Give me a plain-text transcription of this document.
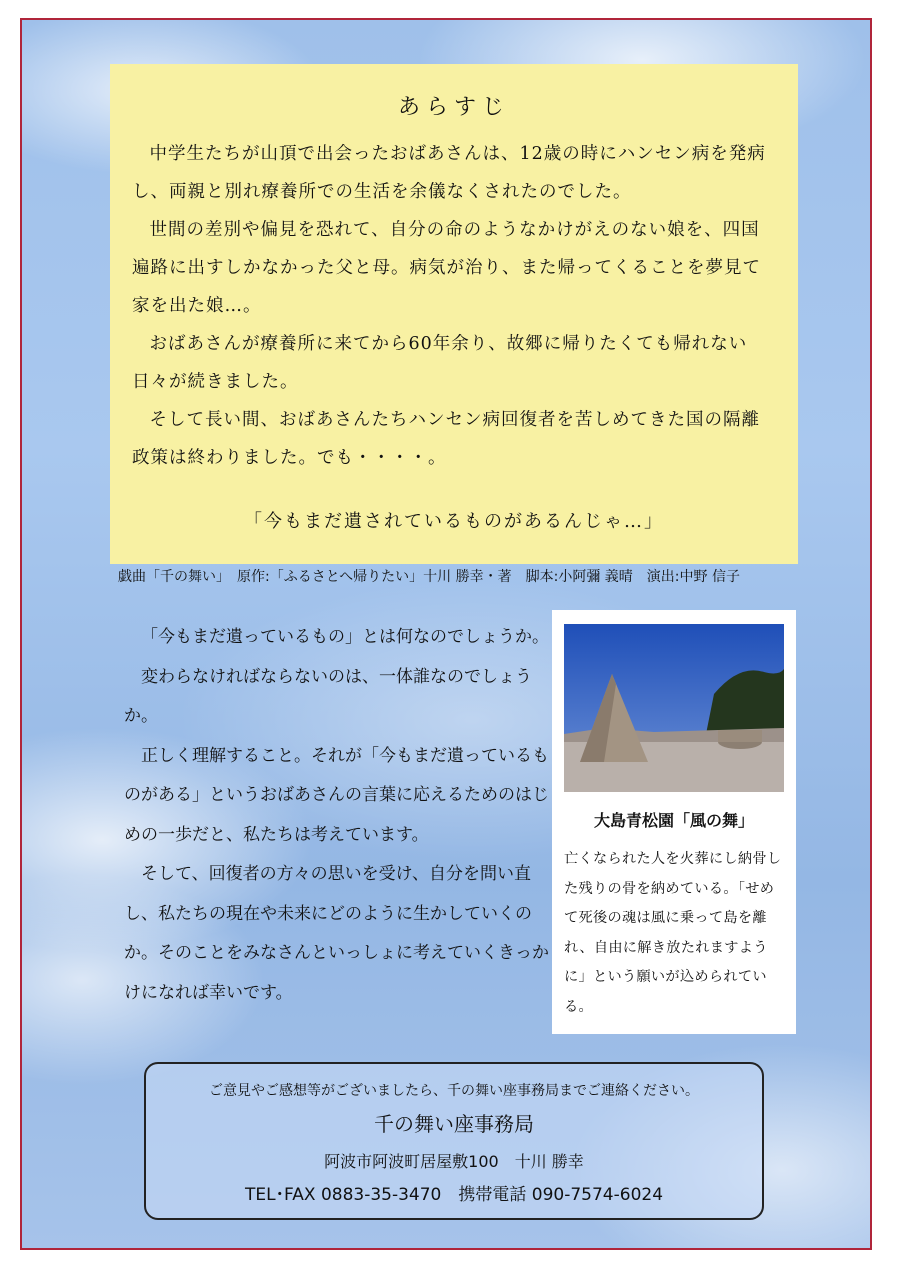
あらすじ

中学生たちが山頂で出会ったおばあさんは、12歳の時にハンセン病を発病し、両親と別れ療養所での生活を余儀なくされたのでした。

世間の差別や偏見を恐れて、自分の命のようなかけがえのない娘を、四国遍路に出すしかなかった父と母。病気が治り、また帰ってくることを夢見て家を出た娘…。

おばあさんが療養所に来てから60年余り、故郷に帰りたくても帰れない日々が続きました。

そして長い間、おばあさんたちハンセン病回復者を苦しめてきた国の隔離政策は終わりました。でも・・・・。

「今もまだ遺されているものがあるんじゃ…」
戯曲「千の舞い」　原作:「ふるさとへ帰りたい」十川 勝幸・著　脚本:小阿彌 義晴　演出:中野 信子

「今もまだ遺っているもの」とは何なのでしょうか。

変わらなければならないのは、一体誰なのでしょうか。

正しく理解すること。それが「今もまだ遺っているものがある」というおばあさんの言葉に応えるためのはじめの一歩だと、私たちは考えています。

そして、回復者の方々の思いを受け、自分を問い直し、私たちの現在や未来にどのように生かしていくのか。そのことをみなさんといっしょに考えていくきっかけになれば幸いです。

大島青松園「風の舞」
亡くなられた人を火葬にし納骨した残りの骨を納めている。「せめて死後の魂は風に乗って島を離れ、自由に解き放たれますように」という願いが込められている。
ご意見やご感想等がございましたら、千の舞い座事務局までご連絡ください。
千の舞い座事務局
阿波市阿波町居屋敷100　十川 勝幸
TEL･FAX 0883-35-3470　携帯電話 090-7574-6024
